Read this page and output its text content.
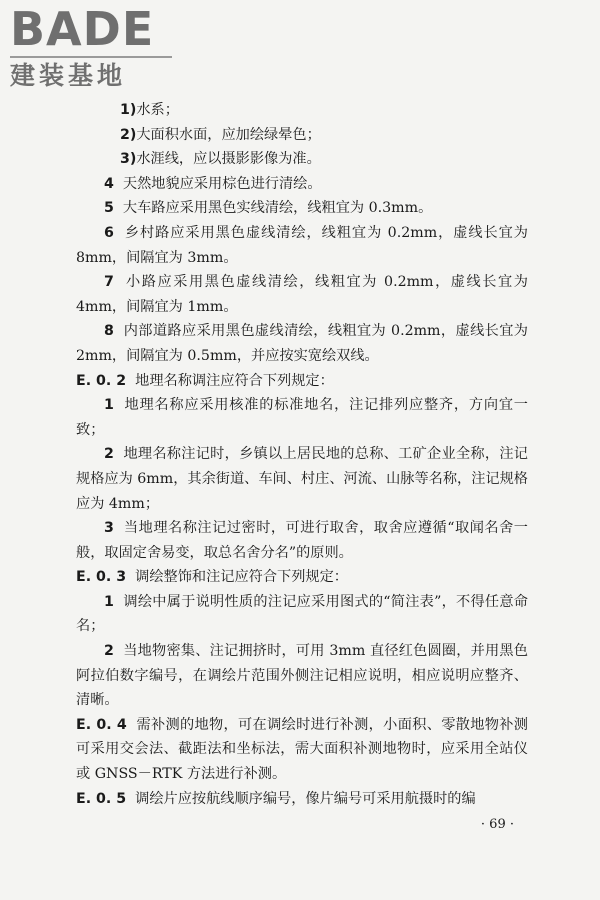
BADE
建装基地

1)水系；

2)大面积水面，应加绘绿晕色；

3)水涯线，应以摄影影像为准。

4 天然地貌应采用棕色进行清绘。

5 大车路应采用黑色实线清绘，线粗宜为 0.3mm。

6 乡村路应采用黑色虚线清绘，线粗宜为 0.2mm，虚线长宜为 8mm，间隔宜为 3mm。

7 小路应采用黑色虚线清绘，线粗宜为 0.2mm，虚线长宜为 4mm，间隔宜为 1mm。

8 内部道路应采用黑色虚线清绘，线粗宜为 0.2mm，虚线长宜为 2mm，间隔宜为 0.5mm，并应按实宽绘双线。

E. 0. 2 地理名称调注应符合下列规定：

1 地理名称应采用核准的标准地名，注记排列应整齐，方向宜一致；

2 地理名称注记时，乡镇以上居民地的总称、工矿企业全称，注记规格应为 6mm，其余街道、车间、村庄、河流、山脉等名称，注记规格应为 4mm；

3 当地理名称注记过密时，可进行取舍，取舍应遵循“取闻名舍一般，取固定舍易变，取总名舍分名”的原则。

E. 0. 3 调绘整饰和注记应符合下列规定：

1 调绘中属于说明性质的注记应采用图式的“简注表”，不得任意命名；

2 当地物密集、注记拥挤时，可用 3mm 直径红色圆圈，并用黑色阿拉伯数字编号，在调绘片范围外侧注记相应说明，相应说明应整齐、清晰。

E. 0. 4 需补测的地物，可在调绘时进行补测，小面积、零散地物补测可采用交会法、截距法和坐标法，需大面积补测地物时，应采用全站仪或 GNSS－RTK 方法进行补测。

E. 0. 5 调绘片应按航线顺序编号，像片编号可采用航摄时的编

· 69 ·
